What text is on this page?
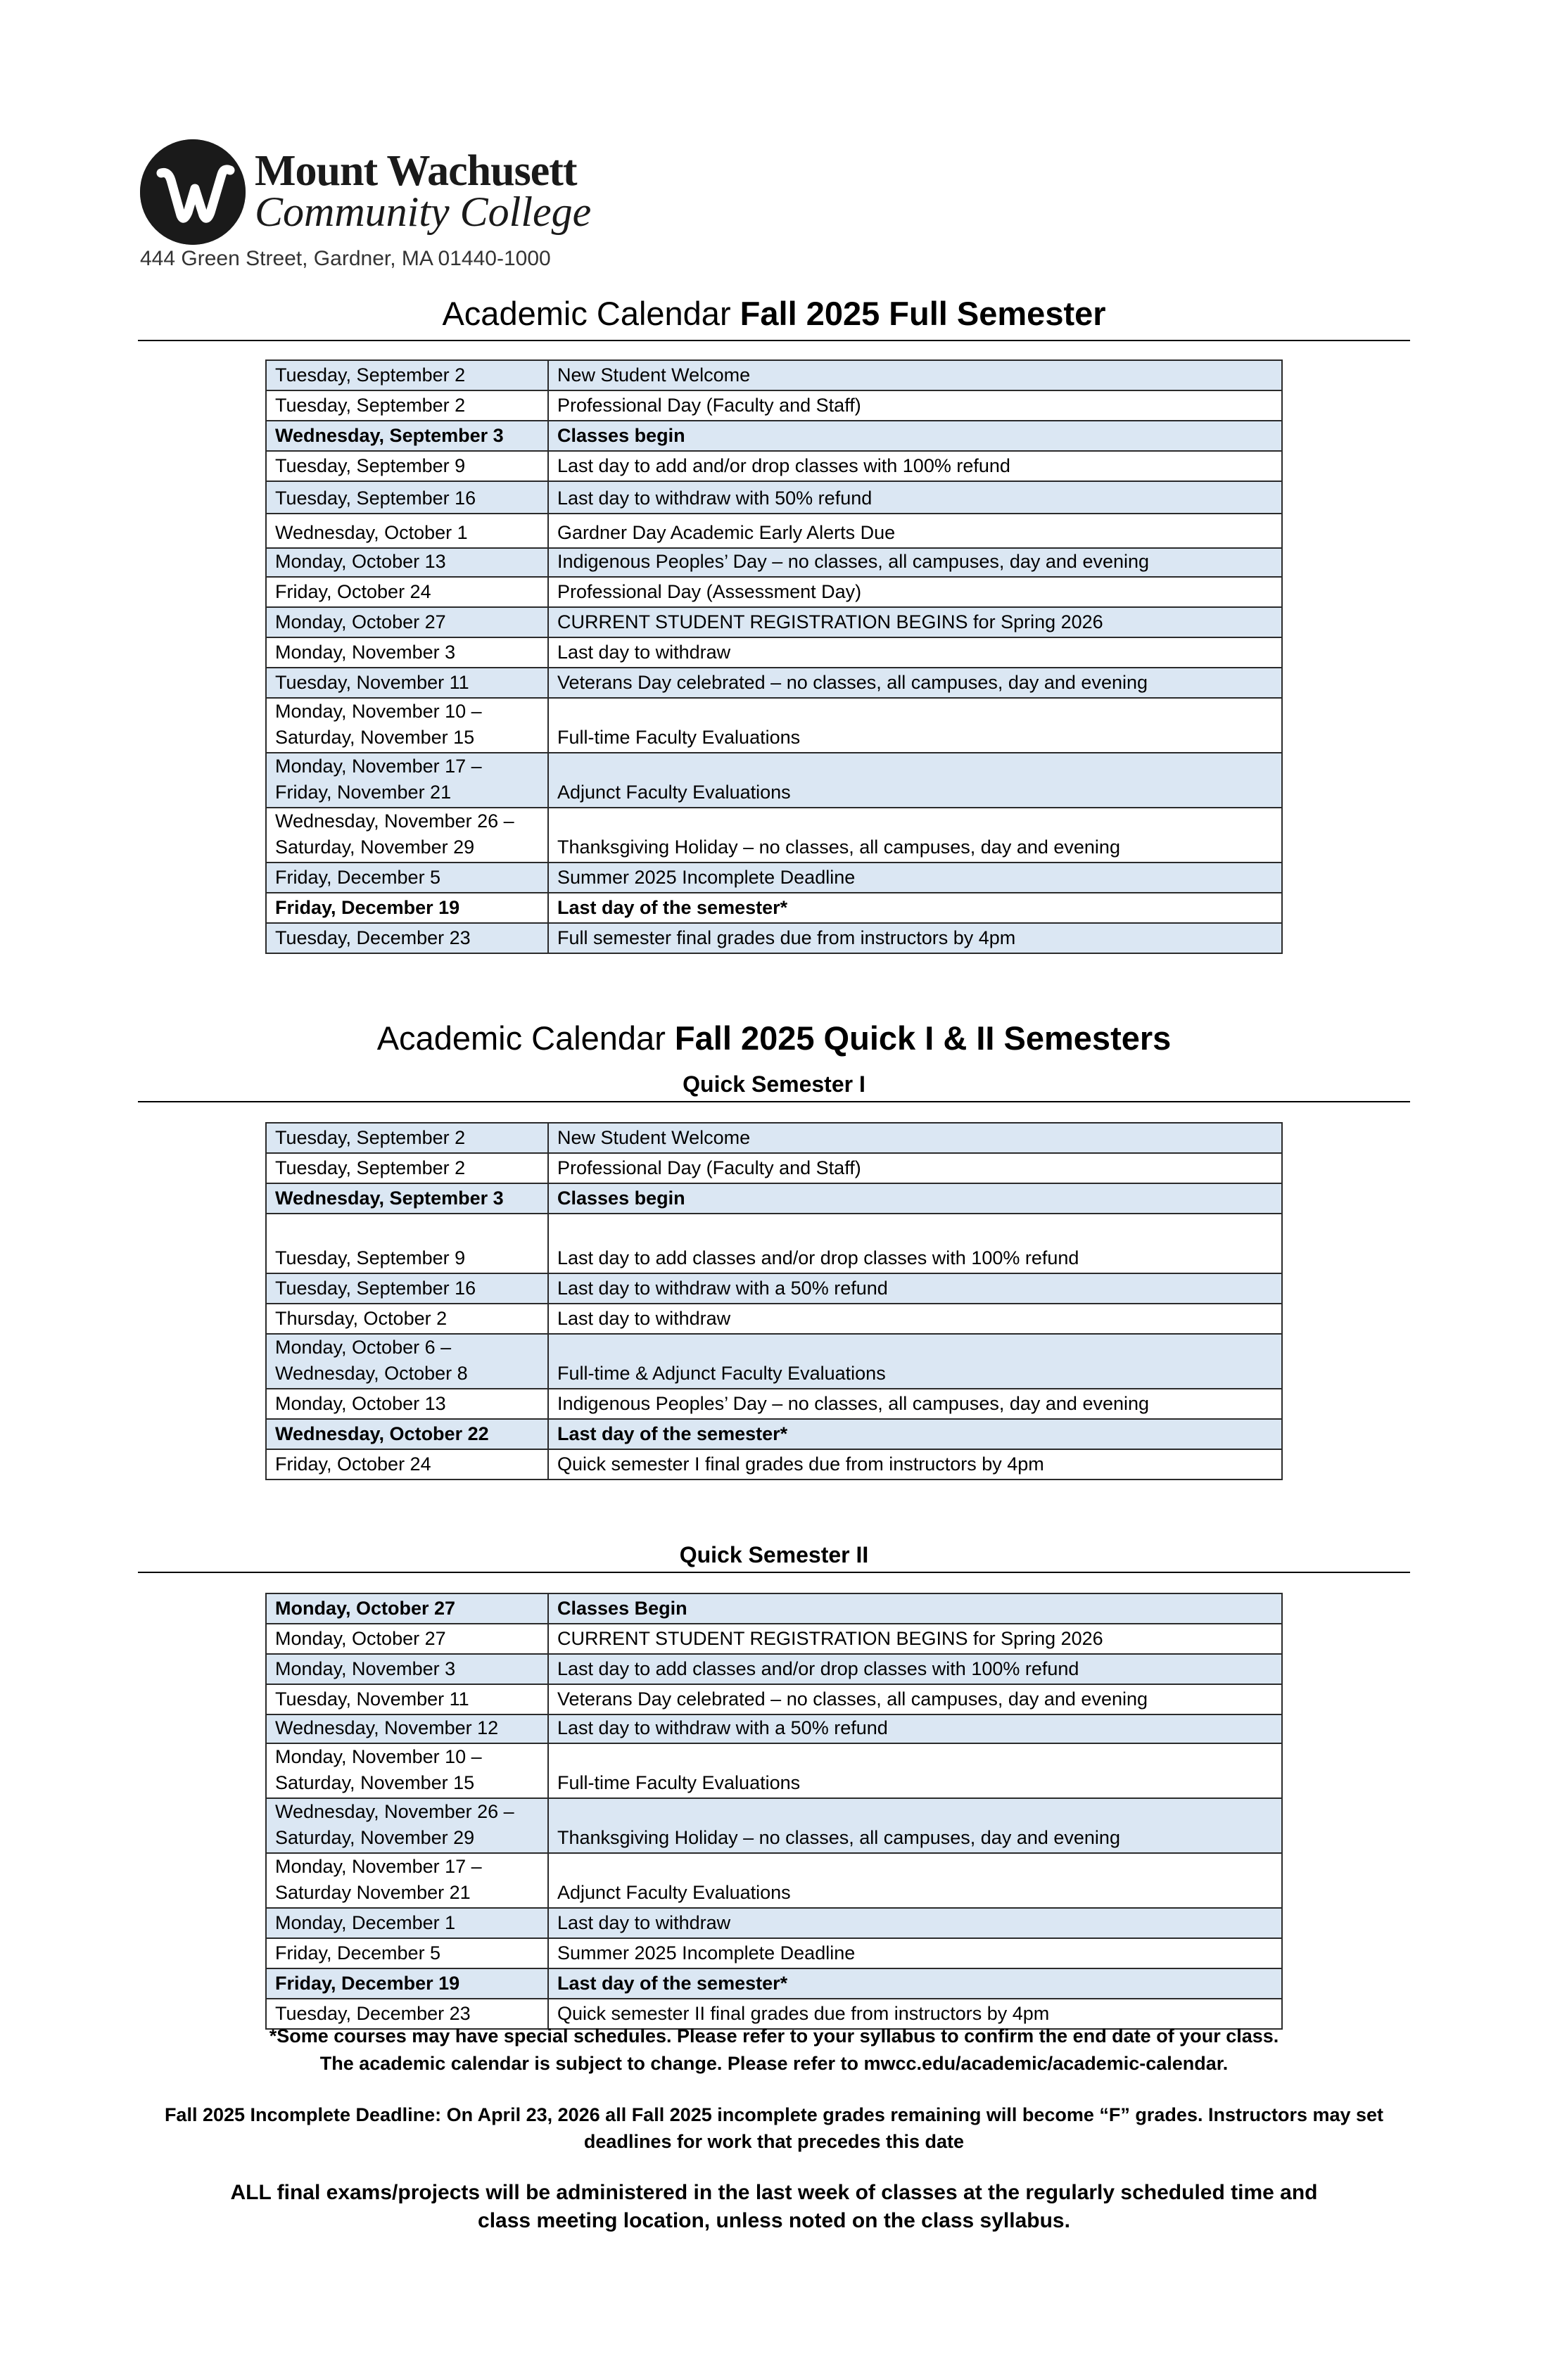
Mount Wachusett
Community College
444 Green Street, Gardner, MA 01440-1000
Academic Calendar Fall 2025 Full Semester
Tuesday, September 2	New Student Welcome
Tuesday, September 2	Professional Day (Faculty and Staff)
Wednesday, September 3	Classes begin
Tuesday, September 9	Last day to add and/or drop classes with 100% refund
Tuesday, September 16	Last day to withdraw with 50% refund
Wednesday, October 1	Gardner Day Academic Early Alerts Due
Monday, October 13	Indigenous Peoples’ Day – no classes, all campuses, day and evening
Friday, October 24	Professional Day (Assessment Day)
Monday, October 27	CURRENT STUDENT REGISTRATION BEGINS for Spring 2026
Monday, November 3	Last day to withdraw
Tuesday, November 11	Veterans Day celebrated – no classes, all campuses, day and evening
Monday, November 10 –
Saturday, November 15	Full-time Faculty Evaluations
Monday, November 17 –
Friday, November 21	Adjunct Faculty Evaluations
Wednesday, November 26 –
Saturday, November 29	Thanksgiving Holiday – no classes, all campuses, day and evening
Friday, December 5	Summer 2025 Incomplete Deadline
Friday, December 19	Last day of the semester*
Tuesday, December 23	Full semester final grades due from instructors by 4pm
Academic Calendar Fall 2025 Quick I & II Semesters
Quick Semester I
Tuesday, September 2	New Student Welcome
Tuesday, September 2	Professional Day (Faculty and Staff)
Wednesday, September 3	Classes begin
Tuesday, September 9	Last day to add classes and/or drop classes with 100% refund
Tuesday, September 16	Last day to withdraw with a 50% refund
Thursday, October 2	Last day to withdraw
Monday, October 6 –
Wednesday, October 8	Full-time & Adjunct Faculty Evaluations
Monday, October 13	Indigenous Peoples’ Day – no classes, all campuses, day and evening
Wednesday, October 22	Last day of the semester*
Friday, October 24	Quick semester I final grades due from instructors by 4pm
Quick Semester II
Monday, October 27	Classes Begin
Monday, October 27	CURRENT STUDENT REGISTRATION BEGINS for Spring 2026
Monday, November 3	Last day to add classes and/or drop classes with 100% refund
Tuesday, November 11	Veterans Day celebrated – no classes, all campuses, day and evening
Wednesday, November 12	Last day to withdraw with a 50% refund
Monday, November 10 –
Saturday, November 15	Full-time Faculty Evaluations
Wednesday, November 26 –
Saturday, November 29	Thanksgiving Holiday – no classes, all campuses, day and evening
Monday, November 17 –
Saturday November 21	Adjunct Faculty Evaluations
Monday, December 1	Last day to withdraw
Friday, December 5	Summer 2025 Incomplete Deadline
Friday, December 19	Last day of the semester*
Tuesday, December 23	Quick semester II final grades due from instructors by 4pm
*Some courses may have special schedules. Please refer to your syllabus to confirm the end date of your class.
The academic calendar is subject to change. Please refer to mwcc.edu/academic/academic-calendar.
Fall 2025 Incomplete Deadline: On April 23, 2026 all Fall 2025 incomplete grades remaining will become “F” grades. Instructors may set
deadlines for work that precedes this date
ALL final exams/projects will be administered in the last week of classes at the regularly scheduled time and
class meeting location, unless noted on the class syllabus.
